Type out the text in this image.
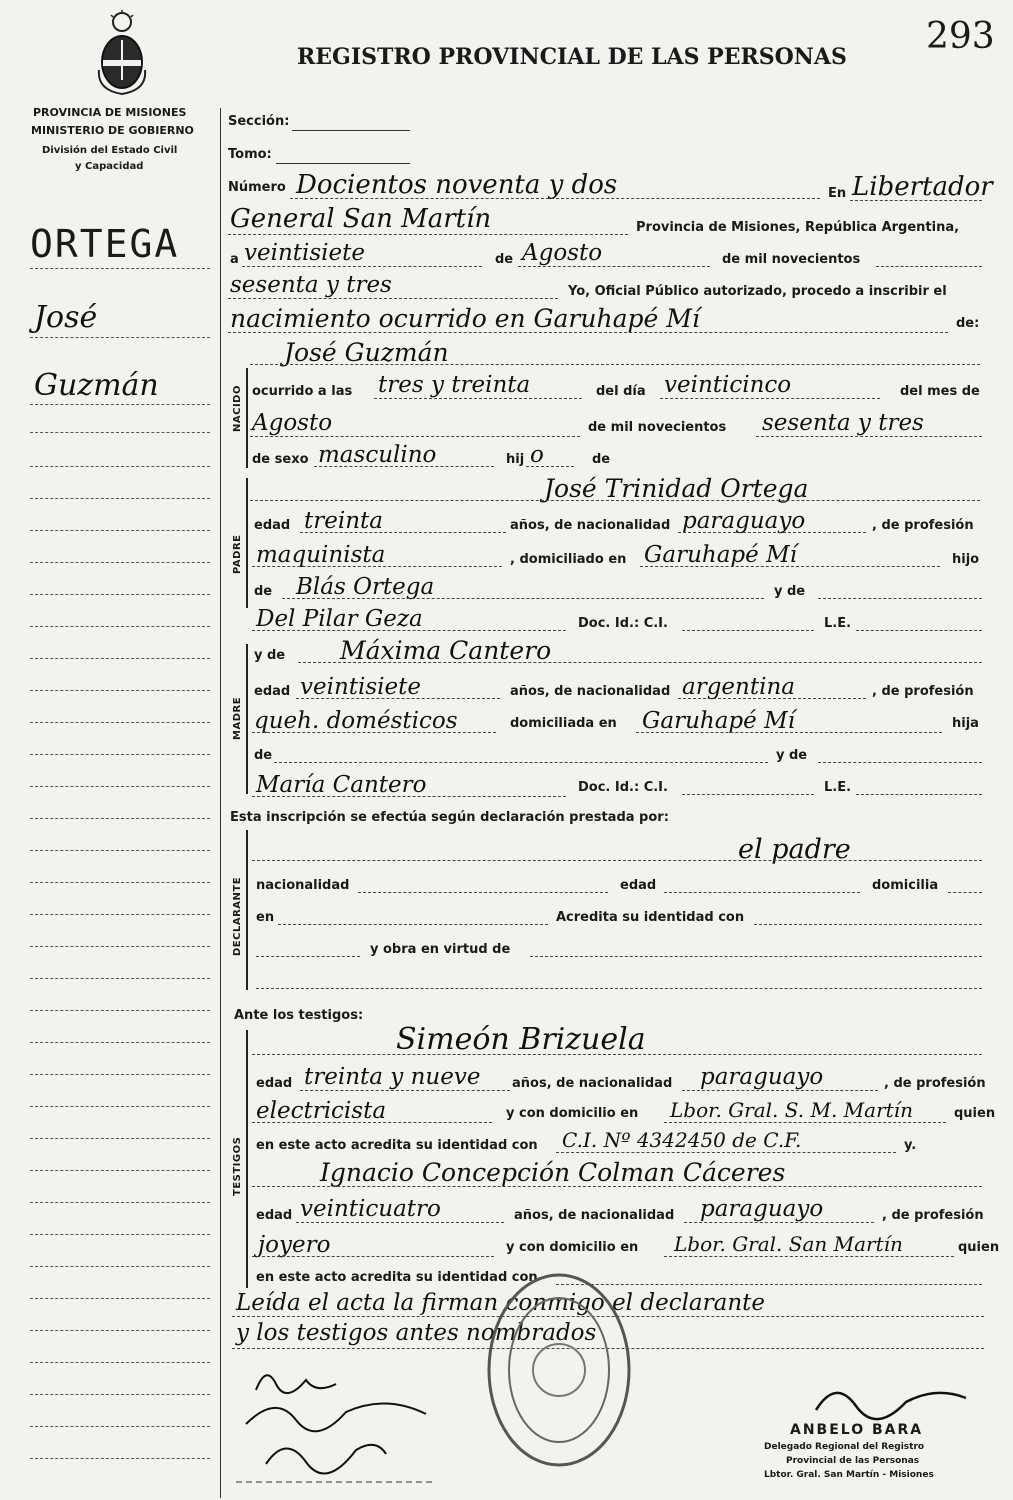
REGISTRO PROVINCIAL DE LAS PERSONAS 293
PROVINCIA DE MISIONES
MINISTERIO DE GOBIERNO
División del Estado Civil
y Capacidad
ORTEGA
José
Guzmán
Sección:
Tomo:
Número Docientos noventa y dos	En Libertador
General San Martín	Provincia de Misiones, República Argentina,
a veintisiete	de Agosto	de mil novecientos
sesenta y tres	Yo, Oficial Público autorizado, procedo a inscribir el
nacimiento ocurrido en Garuhapé Mí	de:
NACIDO
José Guzmán
ocurrido a las tres y treinta	del día veinticinco	del mes de
Agosto	de mil novecientos sesenta y tres
de sexo masculino	hij o	de
PADRE
José Trinidad Ortega
edad treinta	años, de nacionalidad paraguayo	, de profesión
maquinista	, domiciliado en Garuhapé Mí	hijo
de Blás Ortega	y de
Del Pilar Geza	Doc. Id.: C.I.	L.E.
MADRE
y de Máxima Cantero
edad veintisiete	años, de nacionalidad argentina	, de profesión
queh. domésticos	domiciliada en Garuhapé Mí	hija
de	y de
María Cantero	Doc. Id.: C.I.	L.E.
Esta inscripción se efectúa según declaración prestada por:
DECLARANTE
el padre
nacionalidad	edad	domicilia
en	Acredita su identidad con
y obra en virtud de
Ante los testigos:
TESTIGOS
Simeón Brizuela
edad treinta y nueve años, de nacionalidad paraguayo	, de profesión
electricista	y con domicilio en Lbor. Gral. S. M. Martín	quien
en este acto acredita su identidad con C.I. Nº 4342450 de C.F.	y.
Ignacio Concepción Colman Cáceres
edad veinticuatro	años, de nacionalidad paraguayo	, de profesión
joyero	y con domicilio en Lbor. Gral. San Martín	quien
en este acto acredita su identidad con
Leída el acta la firman conmigo el declarante
y los testigos antes nombrados
ANBELO BARA
Delegado Regional del Registro
Provincial de las Personas
Lbtor. Gral. San Martín - Misiones
